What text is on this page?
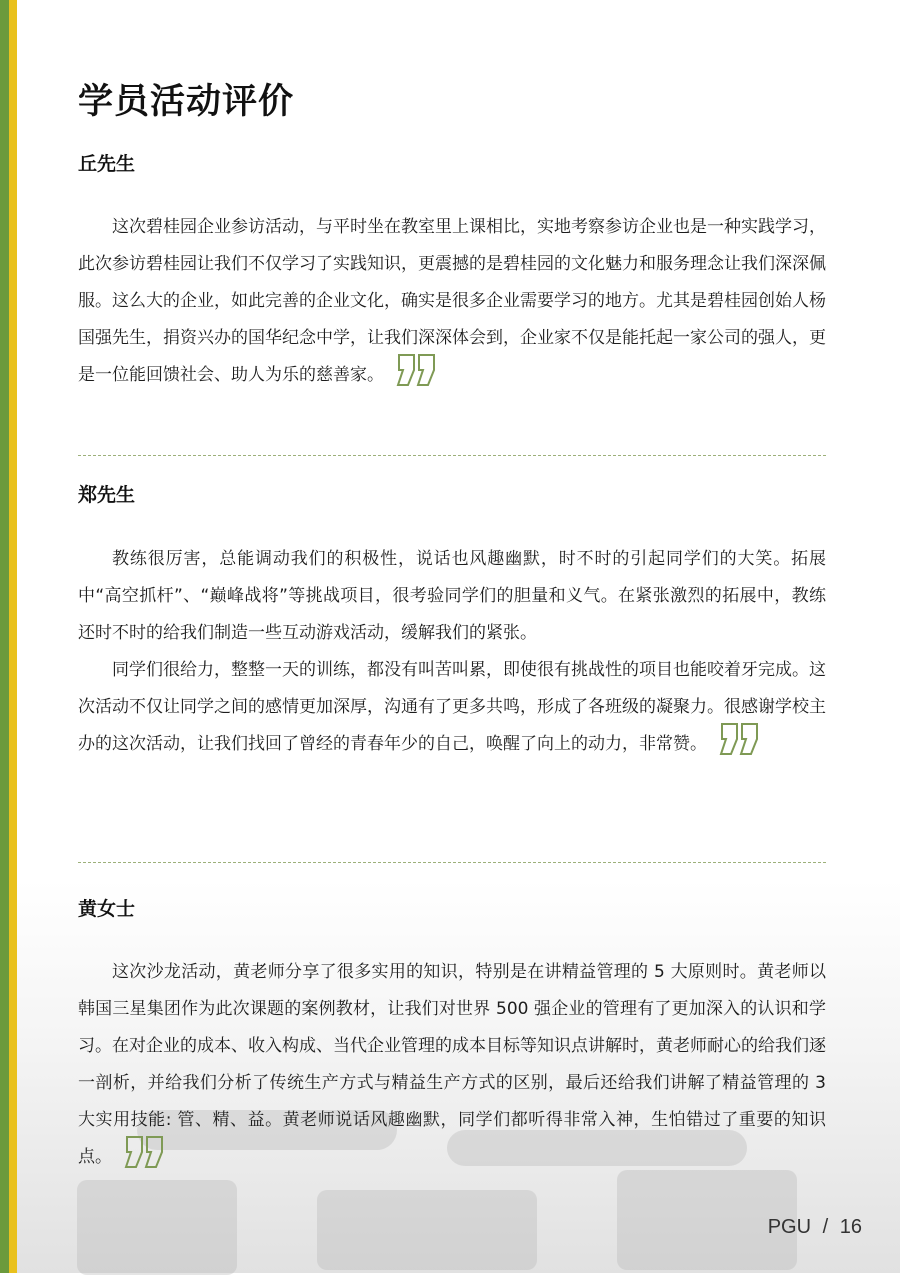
学员活动评价

丘先生

这次碧桂园企业参访活动，与平时坐在教室里上课相比，实地考察参访企业也是一种实践学习，此次参访碧桂园让我们不仅学习了实践知识，更震撼的是碧桂园的文化魅力和服务理念让我们深深佩服。这么大的企业，如此完善的企业文化，确实是很多企业需要学习的地方。尤其是碧桂园创始人杨国强先生，捐资兴办的国华纪念中学，让我们深深体会到，企业家不仅是能托起一家公司的强人，更是一位能回馈社会、助人为乐的慈善家。

郑先生

教练很厉害，总能调动我们的积极性，说话也风趣幽默，时不时的引起同学们的大笑。拓展中“高空抓杆”、“巅峰战将”等挑战项目，很考验同学们的胆量和义气。在紧张激烈的拓展中，教练还时不时的给我们制造一些互动游戏活动，缓解我们的紧张。

同学们很给力，整整一天的训练，都没有叫苦叫累，即使很有挑战性的项目也能咬着牙完成。这次活动不仅让同学之间的感情更加深厚，沟通有了更多共鸣，形成了各班级的凝聚力。很感谢学校主办的这次活动，让我们找回了曾经的青春年少的自己，唤醒了向上的动力，非常赞。

黄女士

这次沙龙活动，黄老师分享了很多实用的知识，特别是在讲精益管理的 5 大原则时。黄老师以韩国三星集团作为此次课题的案例教材，让我们对世界 500 强企业的管理有了更加深入的认识和学习。在对企业的成本、收入构成、当代企业管理的成本目标等知识点讲解时，黄老师耐心的给我们逐一剖析，并给我们分析了传统生产方式与精益生产方式的区别，最后还给我们讲解了精益管理的 3 大实用技能: 管、精、益。黄老师说话风趣幽默，同学们都听得非常入神，生怕错过了重要的知识点。

PGU / 16
